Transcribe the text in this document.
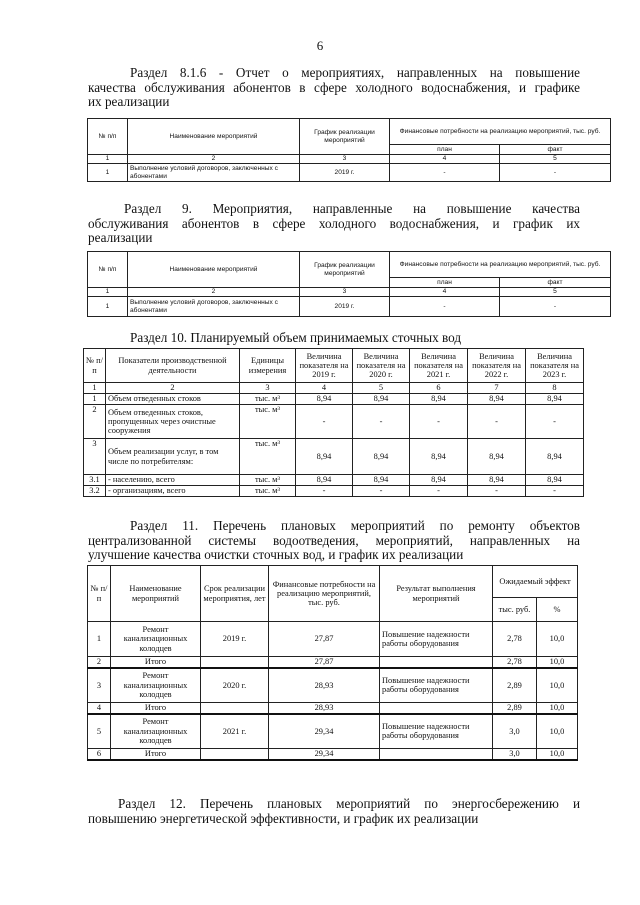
6
Раздел 8.1.6 - Отчет о мероприятиях, направленных на повышение
качества обслуживания абонентов в сфере холодного водоснабжения, и графике
их реализации
№ п/п	Наименование мероприятий	График реализации мероприятий	Финансовые потребности на реализацию мероприятий, тыс. руб.	
			план	факт
1	2	3	4	5
1	Выполнение условий договоров, заключенных с абонентами	2019 г.	-	-
Раздел 9. Мероприятия, направленные на повышение качества
обслуживания абонентов в сфере холодного водоснабжения, и график их
реализации
№ п/п	Наименование мероприятий	График реализации мероприятий	Финансовые потребности на реализацию мероприятий, тыс. руб.	
			план	факт
1	2	3	4	5
1	Выполнение условий договоров, заключенных с абонентами	2019 г.	-	-
Раздел 10. Планируемый объем принимаемых сточных вод
№ п/п	Показатели производственной деятельности	Единицы измерения	Величина показателя на 2019 г.	Величина показателя на 2020 г.	Величина показателя на 2021 г.	Величина показателя на 2022 г.	Величина показателя на 2023 г.
1	2	3	4	5	6	7	8
1	Объем отведенных стоков	тыс. м³	8,94	8,94	8,94	8,94	8,94
2	Объем отведенных стоков, пропущенных через очистные сооружения	тыс. м³	-	-	-	-	-
3	Объем реализации услуг, в том числе по потребителям:	тыс. м³	8,94	8,94	8,94	8,94	8,94
3.1	- населению, всего	тыс. м³	8,94	8,94	8,94	8,94	8,94
3.2	- организациям, всего	тыс. м³	-	-	-	-	-
Раздел 11. Перечень плановых мероприятий по ремонту объектов
централизованной системы водоотведения, мероприятий, направленных на
улучшение качества очистки сточных вод, и график их реализации
№ п/ п	Наименование мероприятий	Срок реализации мероприятия, лет	Финансовые потребности на реализацию мероприятий, тыс. руб.	Результат выполнения мероприятий	Ожидаемый эффект	
					тыс. руб.	%
1	Ремонт канализационных колодцев	2019 г.	27,87	Повышение надежности работы оборудования	2,78	10,0
2	Итого		27,87		2,78	10,0
3	Ремонт канализационных колодцев	2020 г.	28,93	Повышение надежности работы оборудования	2,89	10,0
4	Итого		28,93		2,89	10,0
5	Ремонт канализационных колодцев	2021 г.	29,34	Повышение надежности работы оборудования	3,0	10,0
6	Итого		29,34		3,0	10,0
Раздел 12. Перечень плановых мероприятий по энергосбережению и
повышению энергетической эффективности, и график их реализации
